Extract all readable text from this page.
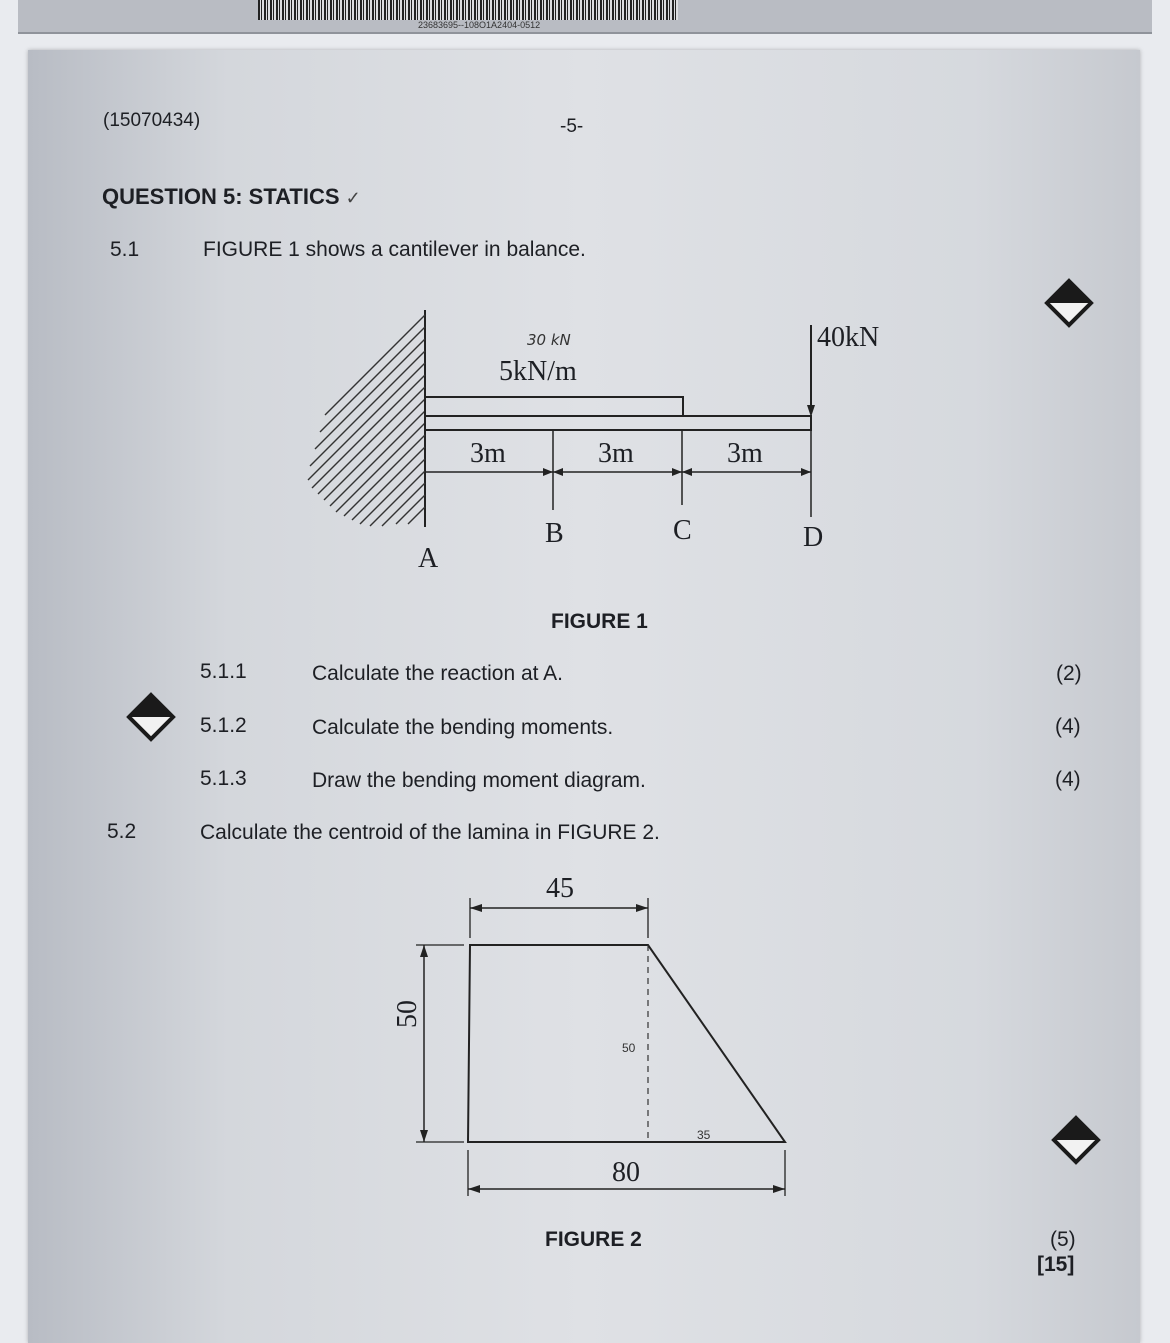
23683695--108O1A2404-0512
(15070434)	-5-
QUESTION 5: STATICS ✓
5.1	FIGURE 1 shows a cantilever in balance.
30 kN
5kN/m
40kN
3m	3m	3m
A
B	C	D
FIGURE 1
5.1.1	Calculate the reaction at A.	(2)
5.1.2	Calculate the bending moments.	(4)
5.1.3	Draw the bending moment diagram.	(4)
5.2	Calculate the centroid of the lamina in FIGURE 2.
45
50
50
35
80
FIGURE 2	(5)
[15]
